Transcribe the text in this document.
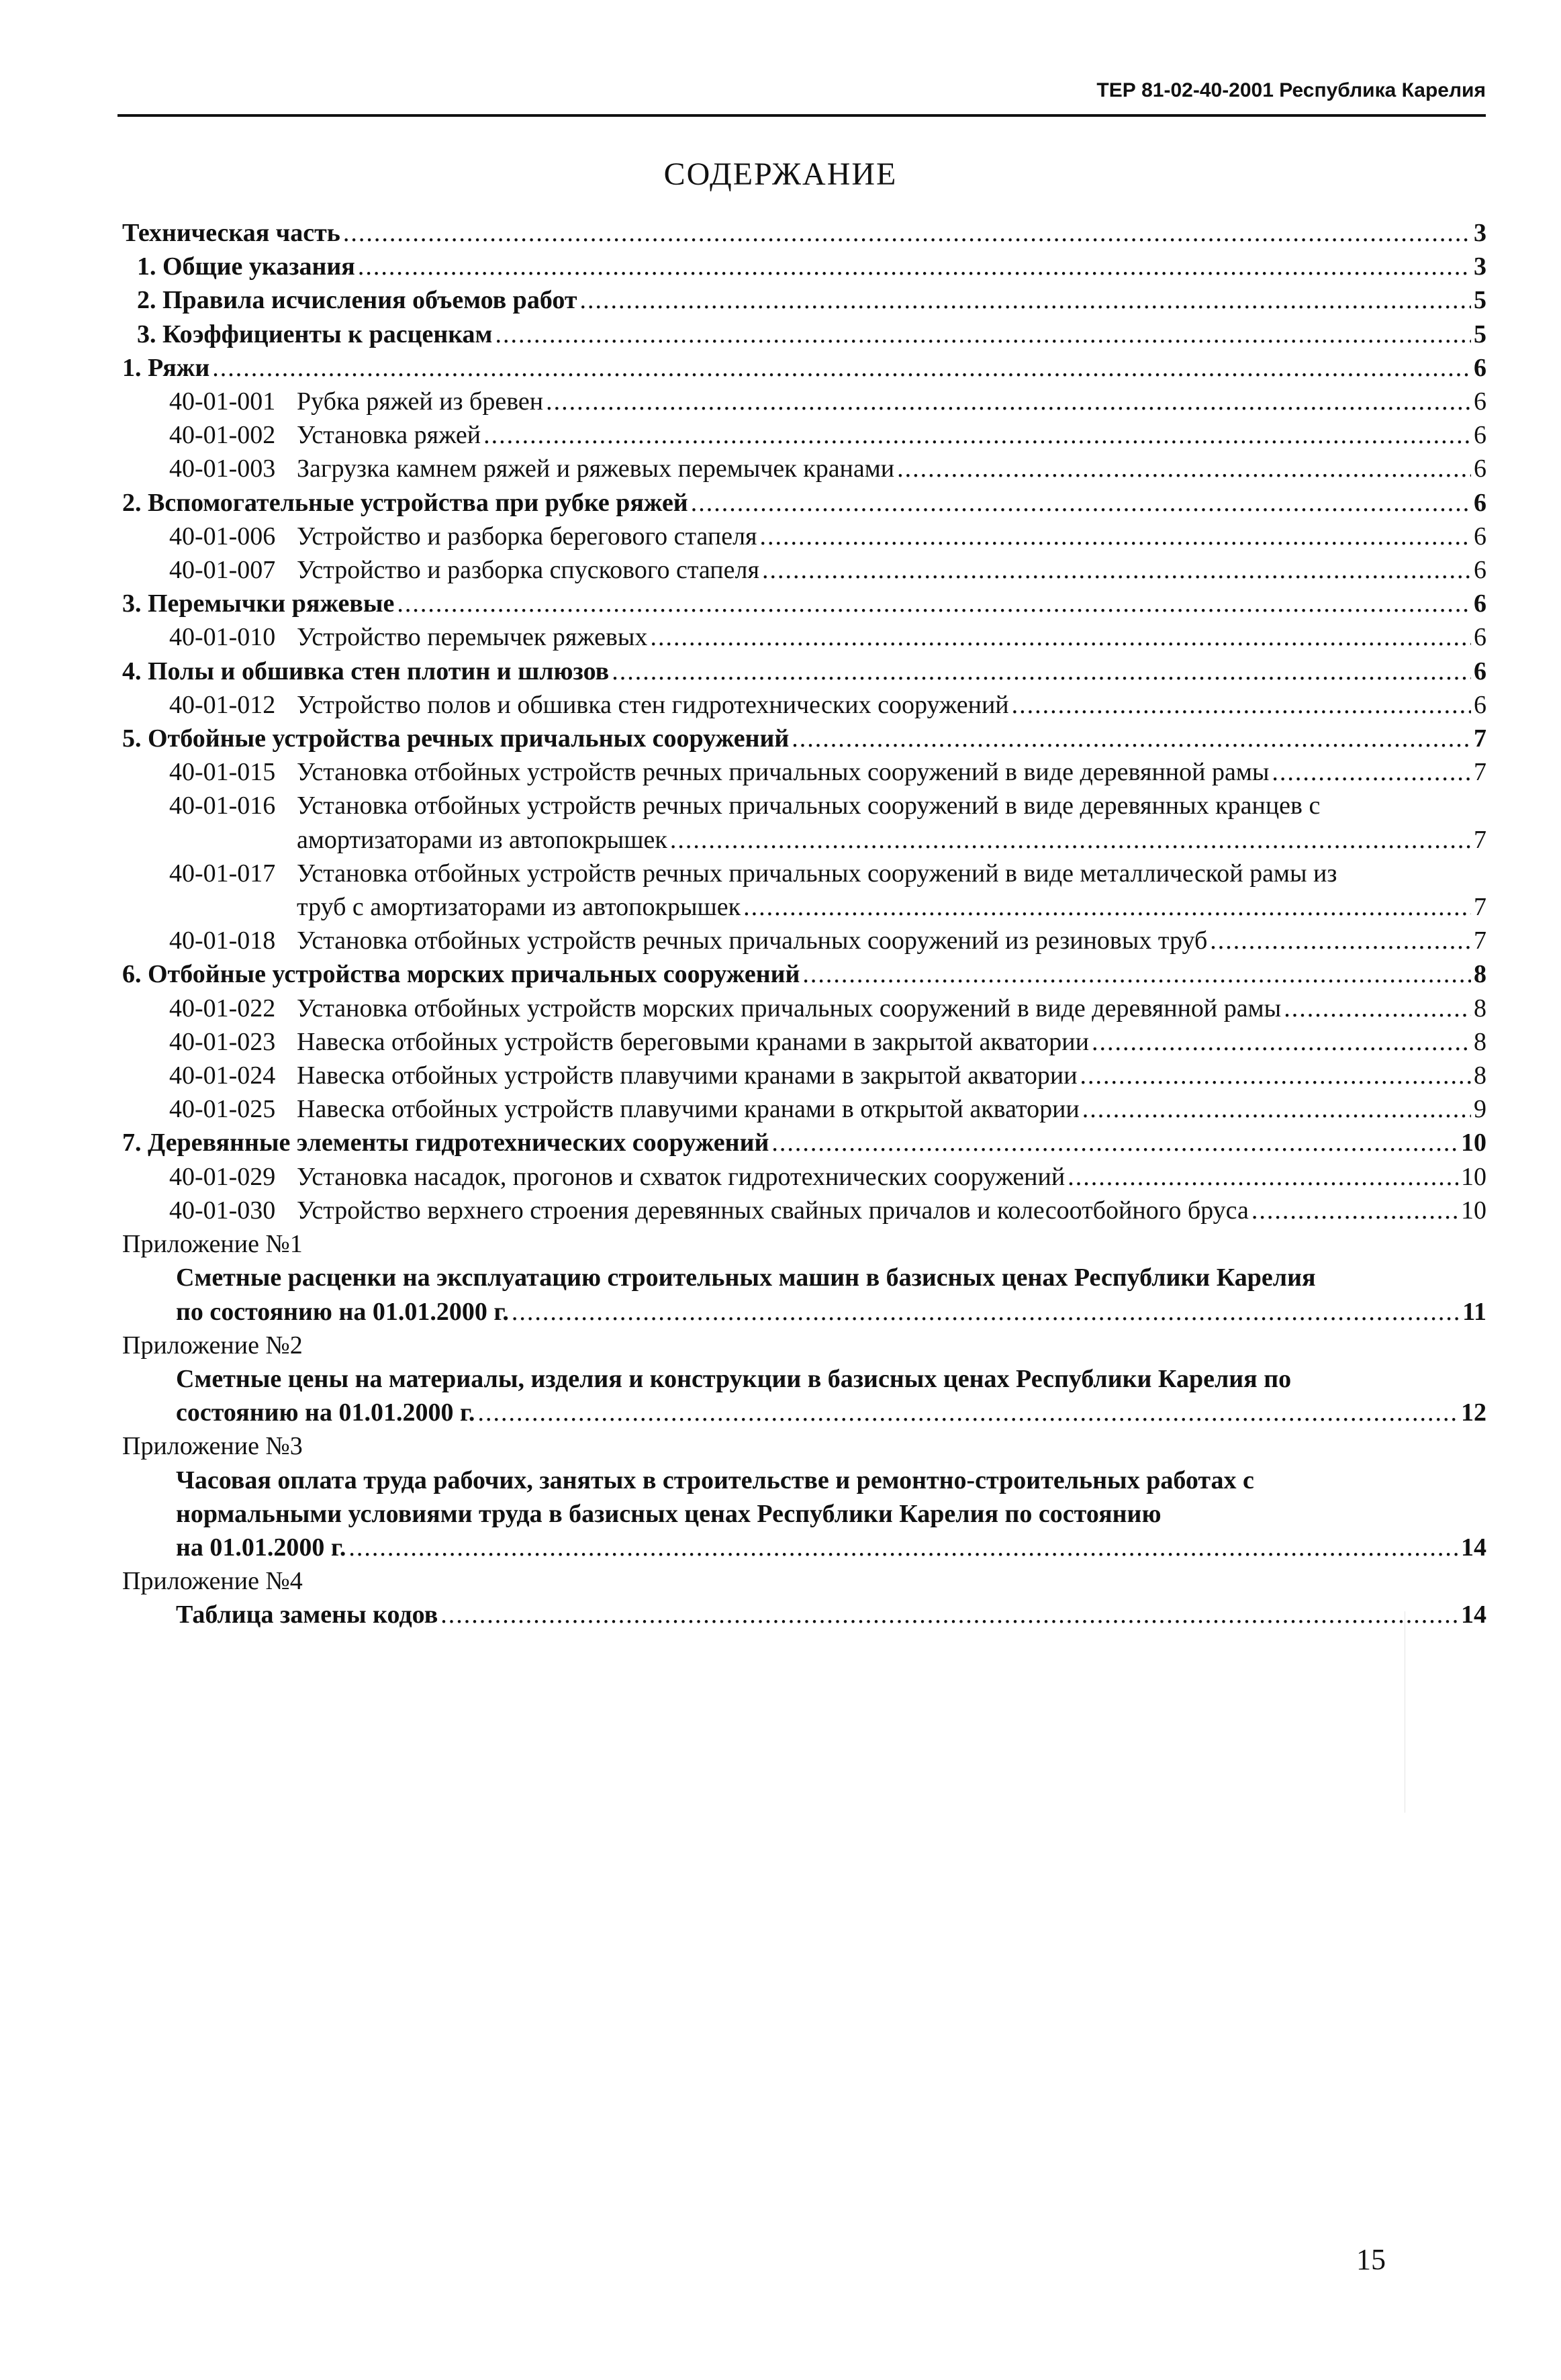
ТЕР 81-02-40-2001 Республика Карелия
СОДЕРЖАНИЕ
Техническая часть .....	3
1. Общие указания .....	3
2. Правила исчисления объемов работ .....	5
3. Коэффициенты к расценкам .....	5
1. Ряжи .....	6
40-01-001 Рубка ряжей из бревен .....	6
40-01-002 Установка ряжей .....	6
40-01-003 Загрузка камнем ряжей и ряжевых перемычек кранами .....	6
2. Вспомогательные устройства при рубке ряжей .....	6
40-01-006 Устройство и разборка берегового стапеля .....	6
40-01-007 Устройство и разборка спускового стапеля .....	6
3. Перемычки ряжевые .....	6
40-01-010 Устройство перемычек ряжевых .....	6
4. Полы и обшивка стен плотин и шлюзов .....	6
40-01-012 Устройство полов и обшивка стен гидротехнических сооружений .....	6
5. Отбойные устройства речных причальных сооружений .....	7
40-01-015 Установка отбойных устройств речных причальных сооружений в виде деревянной рамы .....	7
40-01-016 Установка отбойных устройств речных причальных сооружений в виде деревянных кранцев с
амортизаторами из автопокрышек .....	7
40-01-017 Установка отбойных устройств речных причальных сооружений в виде металлической рамы из
труб с амортизаторами из автопокрышек .....	7
40-01-018 Установка отбойных устройств речных причальных сооружений из резиновых труб .....	7
6. Отбойные устройства морских причальных сооружений .....	8
40-01-022 Установка отбойных устройств морских причальных сооружений в виде деревянной рамы .....	8
40-01-023 Навеска отбойных устройств береговыми кранами в закрытой акватории .....	8
40-01-024 Навеска отбойных устройств плавучими кранами в закрытой акватории .....	8
40-01-025 Навеска отбойных устройств плавучими кранами в открытой акватории .....	9
7. Деревянные элементы гидротехнических сооружений .....	10
40-01-029 Установка насадок, прогонов и схваток гидротехнических сооружений .....	10
40-01-030 Устройство верхнего строения деревянных свайных причалов и колесоотбойного бруса .....	10
Приложение №1
Сметные расценки на эксплуатацию строительных машин в базисных ценах Республики Карелия
по состоянию на 01.01.2000 г. .....	11
Приложение №2
Сметные цены на материалы, изделия и конструкции в базисных ценах Республики Карелия по
состоянию на 01.01.2000 г. .....	12
Приложение №3
Часовая оплата труда рабочих, занятых в строительстве и ремонтно-строительных работах с
нормальными условиями труда в базисных ценах Республики Карелия по состоянию
на 01.01.2000 г. .....	14
Приложение №4
Таблица замены кодов .....	14
15
